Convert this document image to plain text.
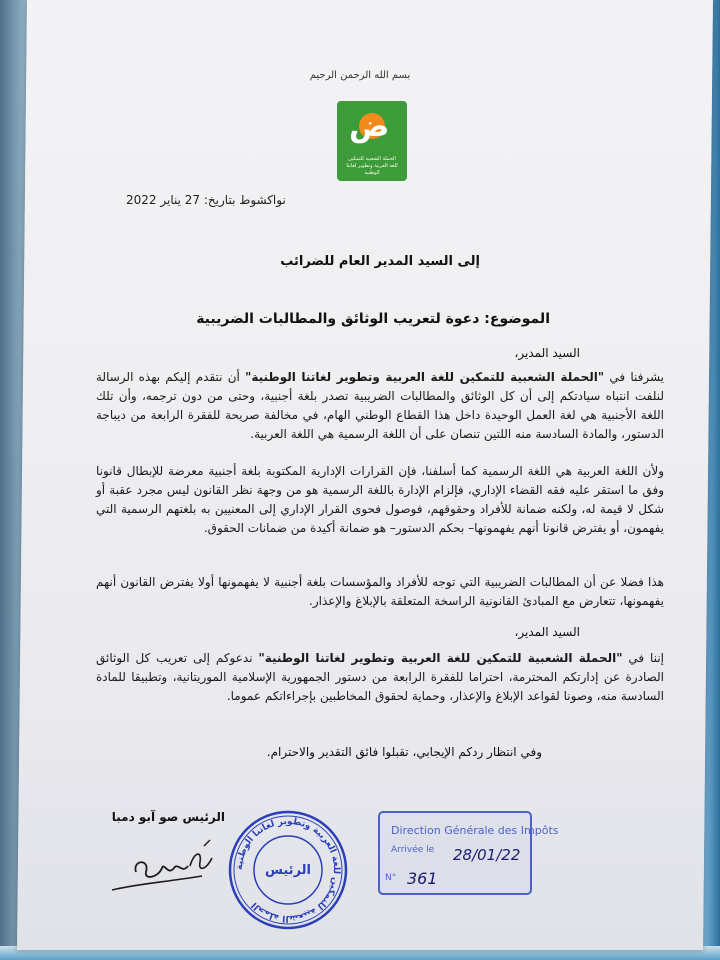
بسم الله الرحمن الرحيم
ض
الحملة الشعبية للتمكين
للغة العربية وتطوير لغاتنا الوطنية
نواكشوط بتاريخ: 27 يناير 2022
إلى السيد المدير العام للضرائب
الموضوع: دعوة لتعريب الوثائق والمطالبات الضريبية
السيد المدير،
يشرفنا في "الحملة الشعبية للتمكين للغة العربية وتطوير لغاتنا الوطنية" أن نتقدم إليكم بهذه الرسالة لنلفت انتباه سيادتكم إلى أن كل الوثائق والمطالبات الضريبية تصدر بلغة أجنبية، وحتى من دون ترجمه، وأن تلك اللغة الأجنبية هي لغة العمل الوحيدة داخل هذا القطاع الوطني الهام، في مخالفة صريحة للفقرة الرابعة من ديباجة الدستور، والمادة السادسة منه اللتين تنصان على أن اللغة الرسمية هي اللغة العربية.
ولأن اللغة العربية هي اللغة الرسمية كما أسلفنا، فإن القرارات الإدارية المكتوبة بلغة أجنبية معرضة للإبطال قانونا وفق ما استقر عليه فقه القضاء الإداري، فإلزام الإدارة باللغة الرسمية هو من وجهة نظر القانون ليس مجرد عقبة أو شكل لا قيمة له، ولكنه ضمانة للأفراد وحقوقهم، فوصول فحوى القرار الإداري إلى المعنيين به بلغتهم الرسمية التي يفهمون، أو يفترض قانونا أنهم يفهمونها– بحكم الدستور– هو ضمانة أكيدة من ضمانات الحقوق.
هذا فضلا عن أن المطالبات الضريبية التي توجه للأفراد والمؤسسات بلغة أجنبية لا يفهمونها أولا يفترض القانون أنهم يفهمونها، تتعارض مع المبادئ القانونية الراسخة المتعلقة بالإبلاغ والإعذار.
السيد المدير،
إننا في "الحملة الشعبية للتمكين للغة العربية وتطوير لغاتنا الوطنية" ندعوكم إلى تعريب كل الوثائق الصادرة عن إدارتكم المحترمة، احتراما للفقرة الرابعة من دستور الجمهورية الإسلامية الموريتانية، وتطبيقا للمادة السادسة منه، وصونا لقواعد الإبلاغ والإعذار، وحماية لحقوق المخاطبين بإجراءاتكم عموما.
وفي انتظار ردكم الإيجابي، تقبلوا فائق التقدير والاحترام.
الرئيس صو آبو دمبا
الحملة الشعبية للتمكين للغة العربية وتطوير لغاتنا الوطنية
الرئيس
Direction Générale des Impôts
Arrivée le 28/01/22
N° 361
